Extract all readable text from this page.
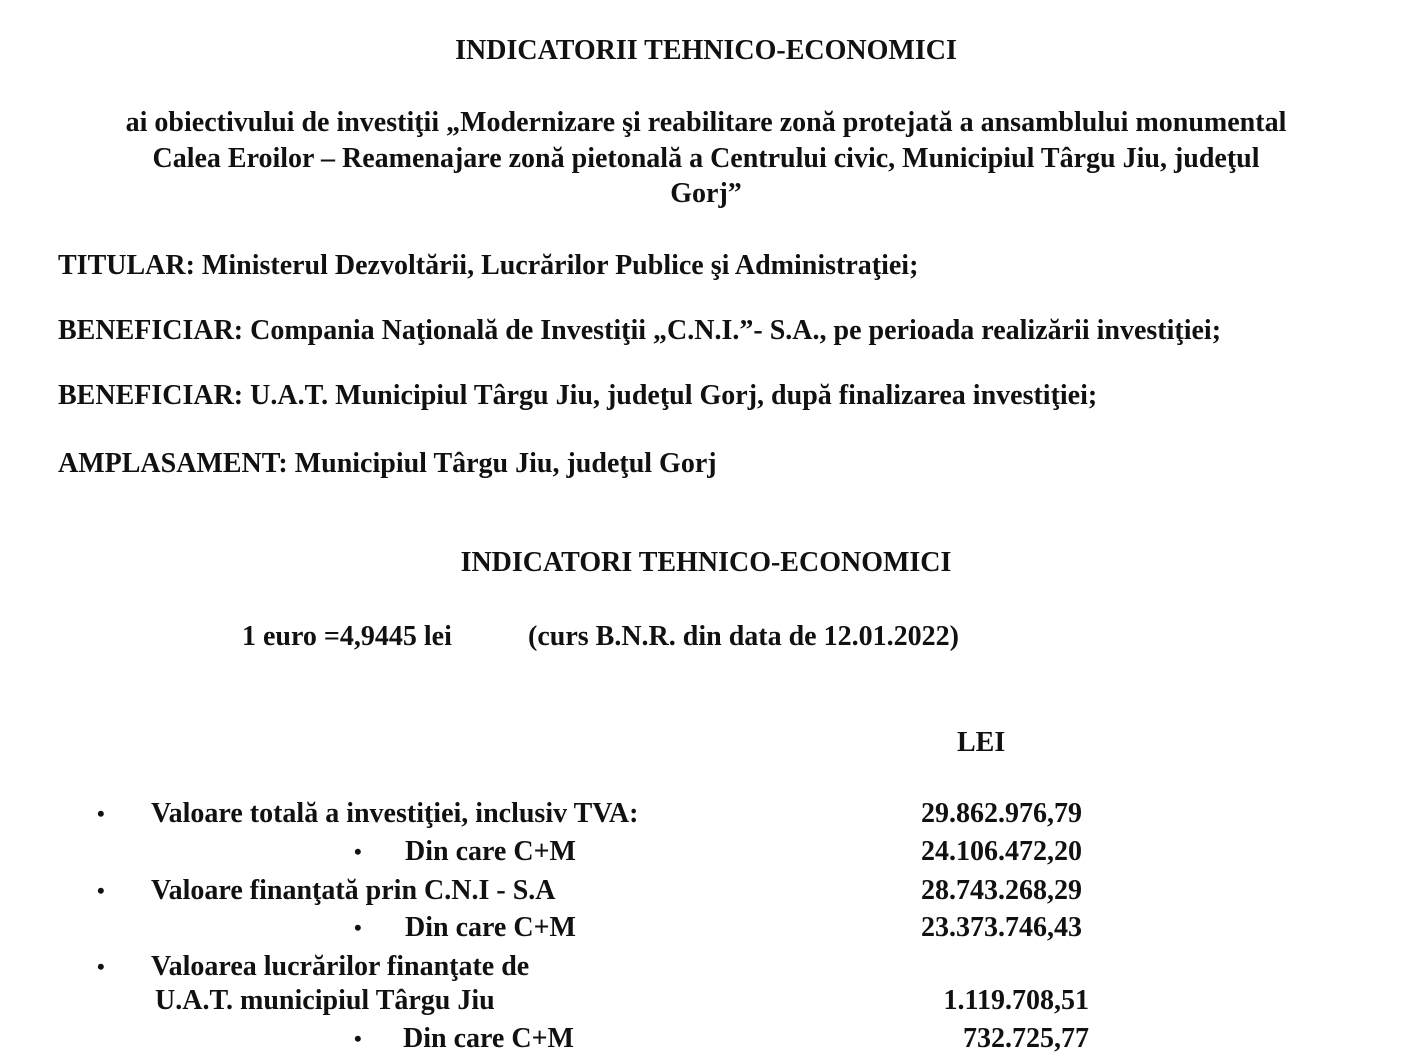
INDICATORII TEHNICO-ECONOMICI
ai obiectivului de investiţii „Modernizare şi reabilitare zonă protejată a ansamblului monumental
Calea Eroilor – Reamenajare zonă pietonală a Centrului civic, Municipiul Târgu Jiu, judeţul
Gorj”
TITULAR: Ministerul Dezvoltării, Lucrărilor Publice şi Administraţiei;
BENEFICIAR: Compania Naţională de Investiţii „C.N.I.”- S.A., pe perioada realizării investiţiei;
BENEFICIAR: U.A.T. Municipiul Târgu Jiu, judeţul Gorj, după finalizarea investiţiei;
AMPLASAMENT: Municipiul Târgu Jiu, judeţul Gorj
INDICATORI TEHNICO-ECONOMICI
1 euro =4,9445 lei	(curs B.N.R. din data de 12.01.2022)
LEI
• Valoare totală a investiţiei, inclusiv TVA:	29.862.976,79
• Din care C+M	24.106.472,20
• Valoare finanţată prin C.N.I - S.A	28.743.268,29
• Din care C+M	23.373.746,43
• Valoarea lucrărilor finanţate de
U.A.T. municipiul Târgu Jiu	1.119.708,51
• Din care C+M	732.725,77
